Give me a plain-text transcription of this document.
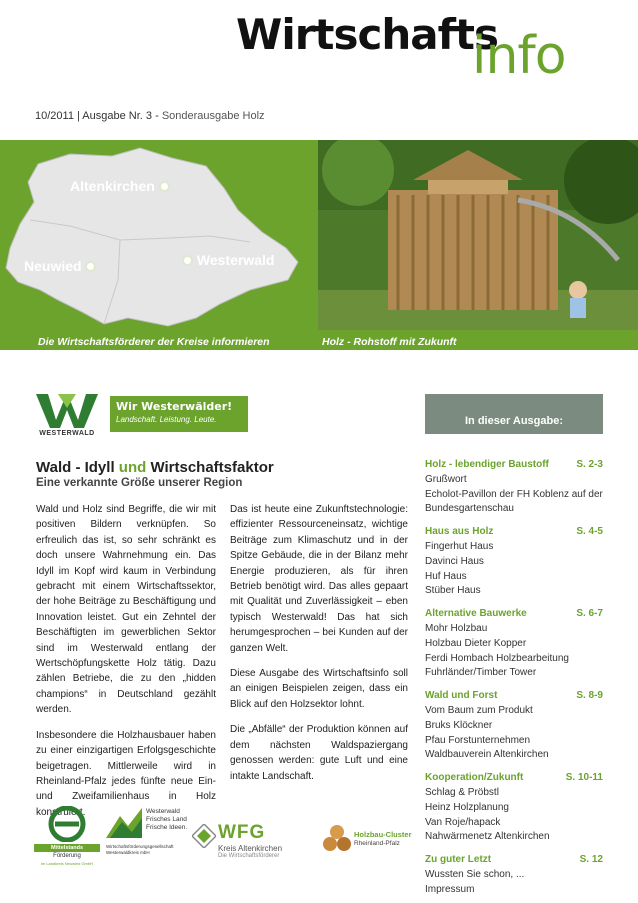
Wirtschafts
info
10/2011 | Ausgabe Nr. 3 - Sonderausgabe Holz
Altenkirchen
Neuwied	Westerwald
Die Wirtschaftsförderer der Kreise informieren	Holz - Rohstoff mit Zukunft
WESTERWALD
Wir Westerwälder!
Landschaft. Leistung. Leute.
Wald - Idyll und Wirtschaftsfaktor
Eine verkannte Größe unserer Region

Wald und Holz sind Begriffe, die wir mit positiven Bildern verknüpfen. So erfreulich das ist, so sehr schränkt es doch unsere Wahrnehmung ein. Das Idyll im Kopf wird kaum in Verbindung gebracht mit einem Wirtschaftssektor, der hohe Beiträge zu Beschäftigung und Innovation leistet. Gut ein Zehntel der Beschäftigten im gewerblichen Sektor sind im Westerwald entlang der Wertschöpfungskette Holz tätig. Dazu zählen Betriebe, die zu den „hidden champions“ in Deutschland gezählt werden.

Insbesondere die Holzhausbauer haben zu einer einzigartigen Erfolgsgeschichte beigetragen. Mittlerweile wird in Rheinland-Pfalz jedes fünfte neue Ein- und Zweifamilienhaus in Holz konstruiert.

Das ist heute eine Zukunftstechnologie: effizienter Ressourceneinsatz, wichtige Beiträge zum Klimaschutz und in der Spitze Gebäude, die in der Bilanz mehr Energie produzieren, als für ihren Betrieb benötigt wird. Das alles gepaart mit Qualität und Zuverlässigkeit – eben typisch Westerwald! Das hat sich herumgesprochen – bei Kunden auf der ganzen Welt.

Diese Ausgabe des Wirtschaftsinfo soll an einigen Beispielen zeigen, dass ein Blick auf den Holzsektor lohnt.

Die „Abfälle“ der Produktion können auf dem nächsten Waldspaziergang genossen werden: gute Luft und eine intakte Landschaft.

In dieser Ausgabe:
Holz - lebendiger Baustoff	S. 2-3
Grußwort
Echolot-Pavillon der FH Koblenz auf der Bundesgartenschau
Haus aus Holz	S. 4-5
Fingerhut Haus
Davinci Haus
Huf Haus
Stüber Haus
Alternative Bauwerke	S. 6-7
Mohr Holzbau
Holzbau Dieter Kopper
Ferdi Hombach Holzbearbeitung
Fuhrländer/Timber Tower
Wald und Forst	S. 8-9
Vom Baum zum Produkt
Bruks Klöckner
Pfau Forstunternehmen
Waldbauverein Altenkirchen
Kooperation/Zukunft	S. 10-11
Schlag & Pröbstl
Heinz Holzplanung
Van Roje/hapack
Nahwärmenetz Altenkirchen
Zu guter Letzt	S. 12
Wussten Sie schon, ...
Impressum
Mittelstands
Förderung
im Landkreis Neuwied GmbH
Westerwald
Frisches Land
Frische Ideen.
Wirtschaftsförderungsgesellschaft
Westerwaldkreis mbH
WFG
Kreis Altenkirchen
Die Wirtschaftsförderer
Holzbau-Cluster
Rheinland-Pfalz
